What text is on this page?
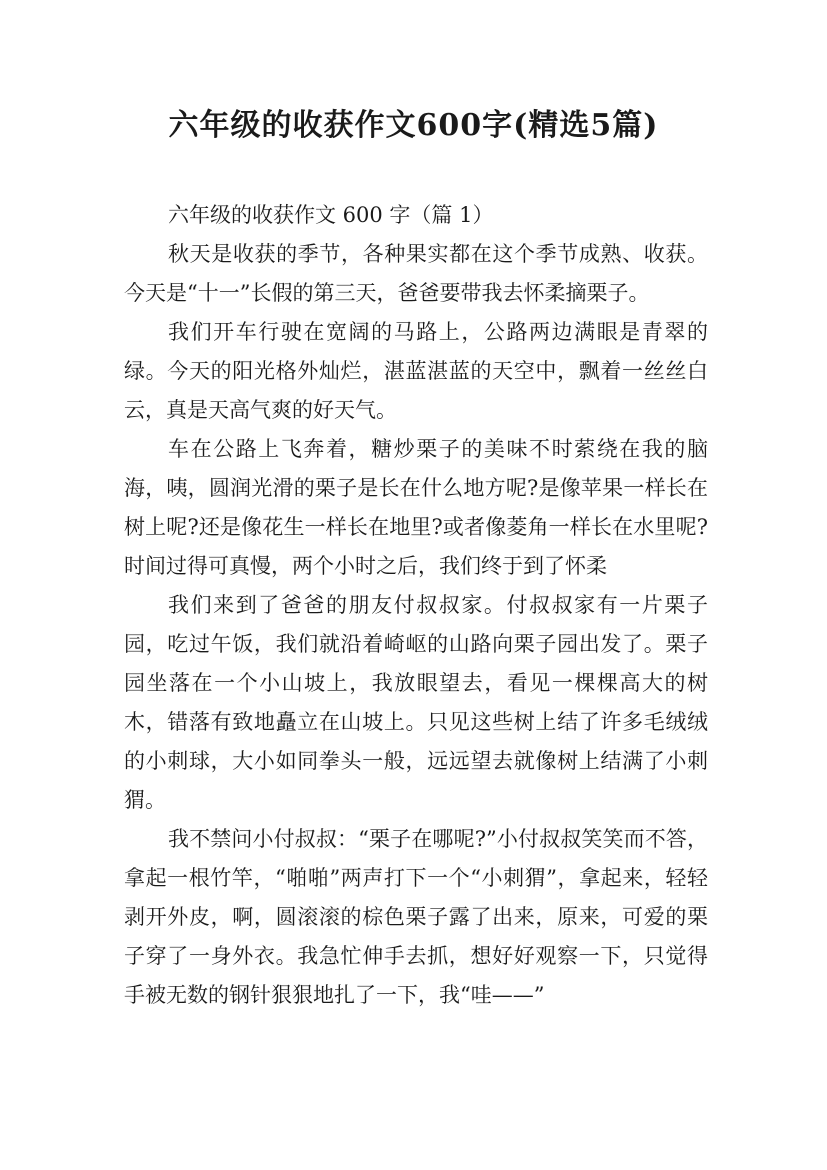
六年级的收获作文600字(精选5篇)

六年级的收获作文 600 字（篇 1）

秋天是收获的季节，各种果实都在这个季节成熟、收获。今天是“十一”长假的第三天，爸爸要带我去怀柔摘栗子。

我们开车行驶在宽阔的马路上，公路两边满眼是青翠的绿。今天的阳光格外灿烂，湛蓝湛蓝的天空中，飘着一丝丝白云，真是天高气爽的好天气。

车在公路上飞奔着，糖炒栗子的美味不时萦绕在我的脑海，咦，圆润光滑的栗子是长在什么地方呢?是像苹果一样长在树上呢?还是像花生一样长在地里?或者像菱角一样长在水里呢?时间过得可真慢，两个小时之后，我们终于到了怀柔

我们来到了爸爸的朋友付叔叔家。付叔叔家有一片栗子园，吃过午饭，我们就沿着崎岖的山路向栗子园出发了。栗子园坐落在一个小山坡上，我放眼望去，看见一棵棵高大的树木，错落有致地矗立在山坡上。只见这些树上结了许多毛绒绒的小刺球，大小如同拳头一般，远远望去就像树上结满了小刺猬。

我不禁问小付叔叔：“栗子在哪呢?”小付叔叔笑笑而不答，拿起一根竹竿，“啪啪”两声打下一个“小刺猬”，拿起来，轻轻剥开外皮，啊，圆滚滚的棕色栗子露了出来，原来，可爱的栗子穿了一身外衣。我急忙伸手去抓，想好好观察一下，只觉得手被无数的钢针狠狠地扎了一下，我“哇——”
